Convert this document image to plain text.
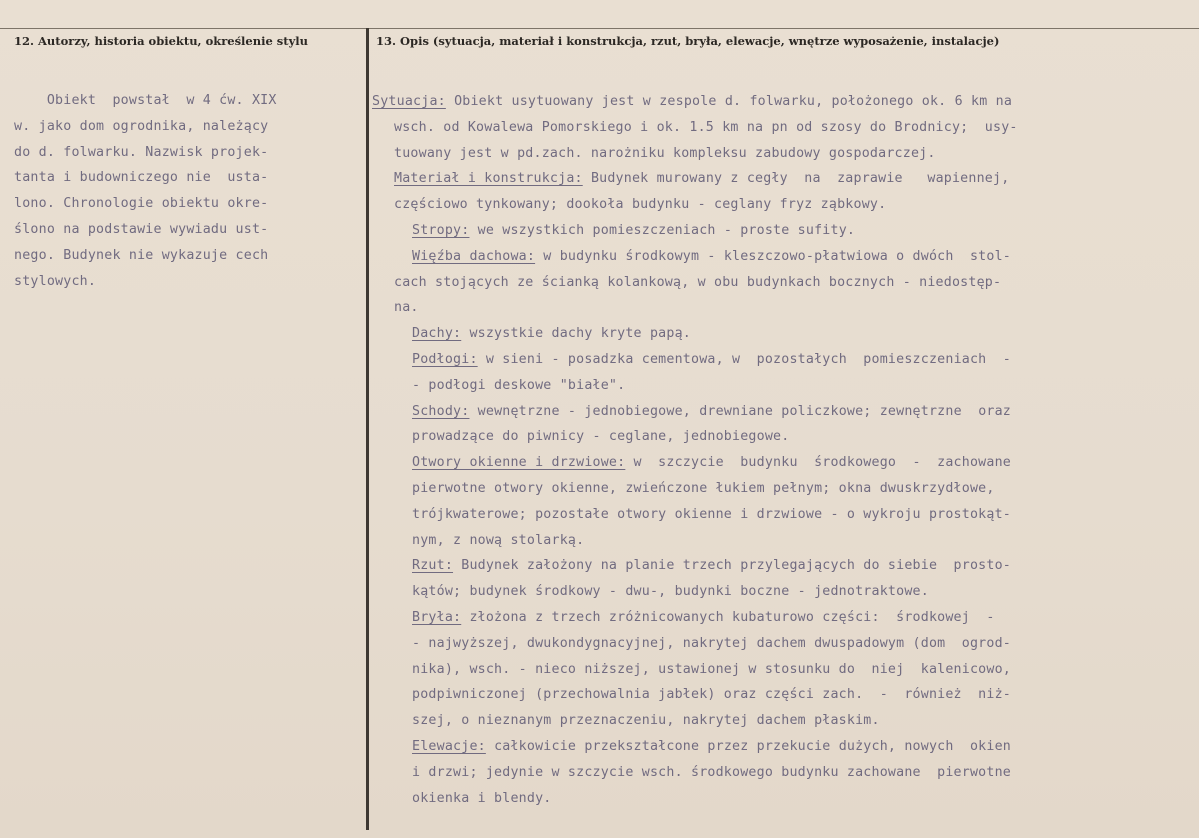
12. Autorzy, historia obiektu, określenie stylu	13. Opis (sytuacja, materiał i konstrukcja, rzut, bryła, elewacje, wnętrze wyposażenie, instalacje)
Obiekt  powstał  w 4 ćw. XIX
w. jako dom ogrodnika, należący
do d. folwarku. Nazwisk projek-
tanta i budowniczego nie  usta-
lono. Chronologie obiektu okre-
ślono na podstawie wywiadu ust-
nego. Budynek nie wykazuje cech
stylowych.
Sytuacja: Obiekt usytuowany jest w zespole d. folwarku, położonego ok. 6 km na
wsch. od Kowalewa Pomorskiego i ok. 1.5 km na pn od szosy do Brodnicy;  usy-
tuowany jest w pd.zach. narożniku kompleksu zabudowy gospodarczej.
Materiał i konstrukcja: Budynek murowany z cegły  na  zaprawie   wapiennej,
częściowo tynkowany; dookoła budynku - ceglany fryz ząbkowy.
Stropy: we wszystkich pomieszczeniach - proste sufity.
Więźba dachowa: w budynku środkowym - kleszczowo-płatwiowa o dwóch  stol-
cach stojących ze ścianką kolankową, w obu budynkach bocznych - niedostęp-
na.
Dachy: wszystkie dachy kryte papą.
Podłogi: w sieni - posadzka cementowa, w  pozostałych  pomieszczeniach  -
- podłogi deskowe "białe".
Schody: wewnętrzne - jednobiegowe, drewniane policzkowe; zewnętrzne  oraz
prowadzące do piwnicy - ceglane, jednobiegowe.
Otwory okienne i drzwiowe: w  szczycie  budynku  środkowego  -  zachowane
pierwotne otwory okienne, zwieńczone łukiem pełnym; okna dwuskrzydłowe,
trójkwaterowe; pozostałe otwory okienne i drzwiowe - o wykroju prostokąt-
nym, z nową stolarką.
Rzut: Budynek założony na planie trzech przylegających do siebie  prosto-
kątów; budynek środkowy - dwu-, budynki boczne - jednotraktowe.
Bryła: złożona z trzech zróżnicowanych kubaturowo części:  środkowej  -
- najwyższej, dwukondygnacyjnej, nakrytej dachem dwuspadowym (dom  ogrod-
nika), wsch. - nieco niższej, ustawionej w stosunku do  niej  kalenicowo,
podpiwniczonej (przechowalnia jabłek) oraz części zach.  -  również  niż-
szej, o nieznanym przeznaczeniu, nakrytej dachem płaskim.
Elewacje: całkowicie przekształcone przez przekucie dużych, nowych  okien
i drzwi; jedynie w szczycie wsch. środkowego budynku zachowane  pierwotne
okienka i blendy.
